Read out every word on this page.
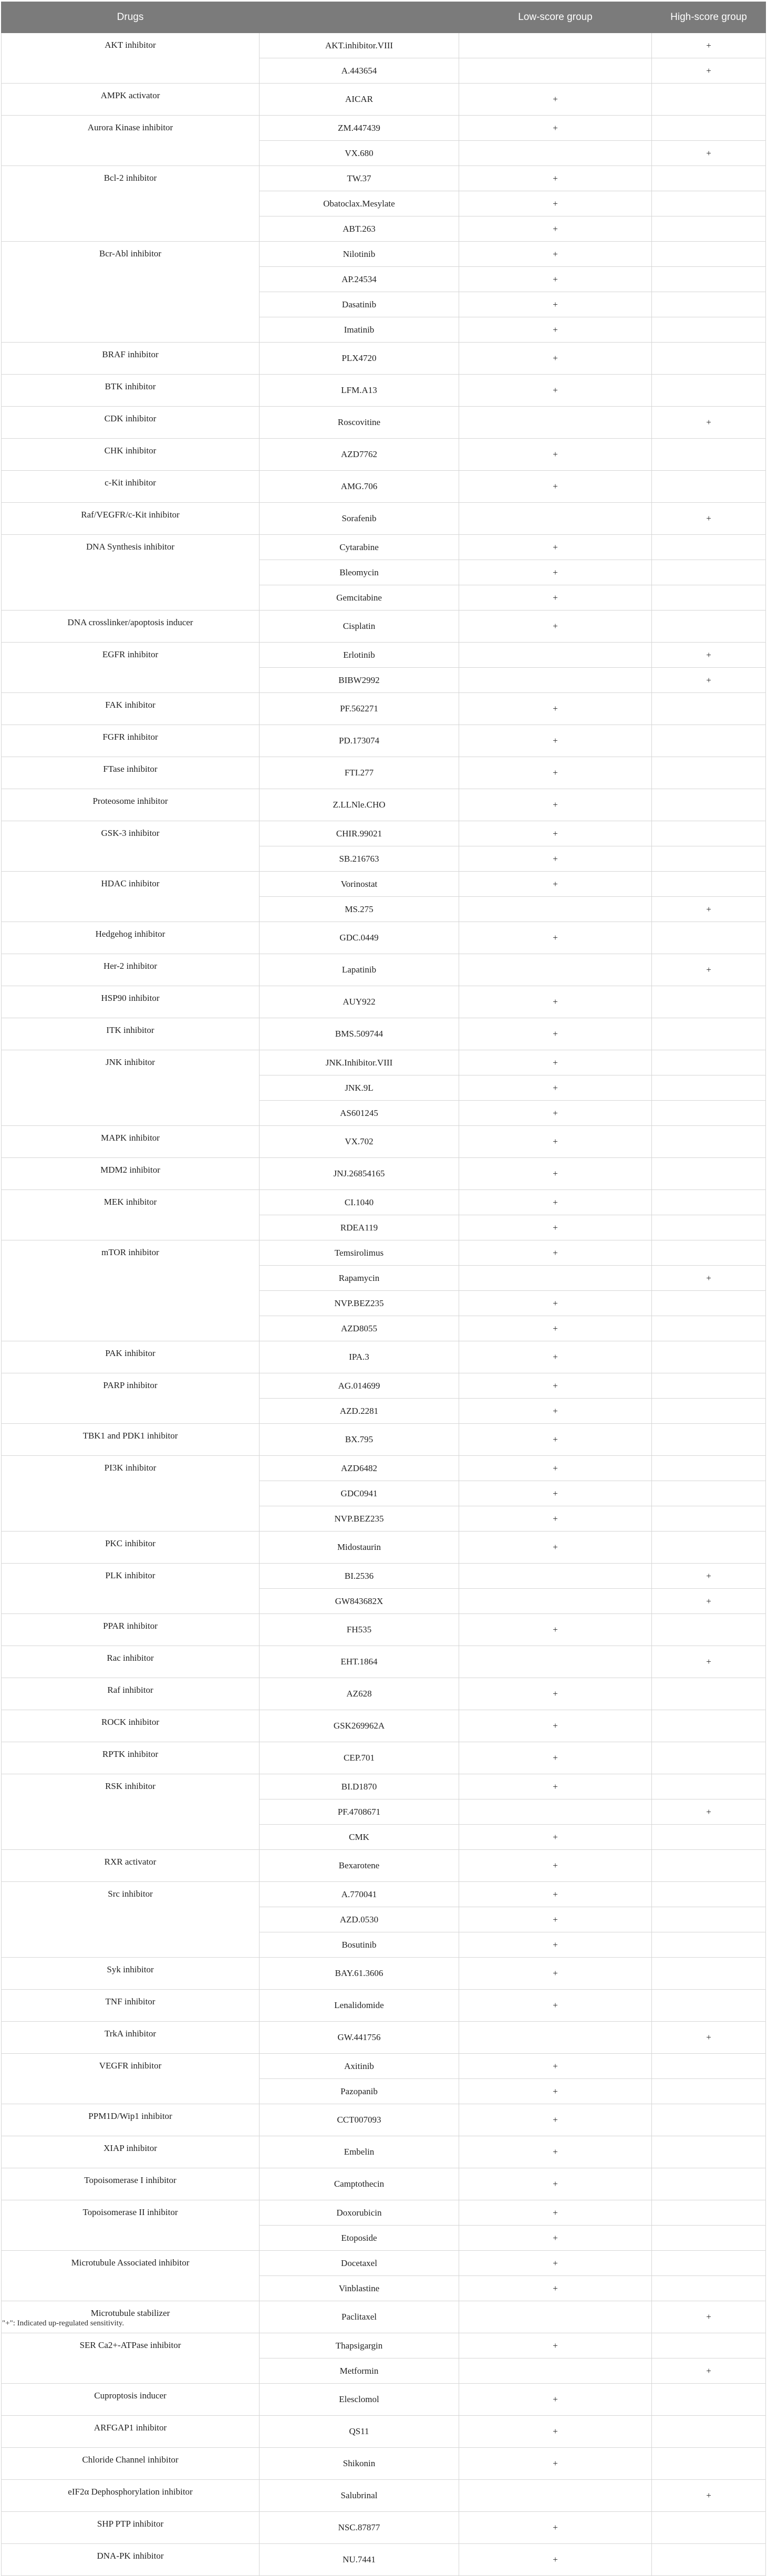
Drugs		Low-score group	High-score group
AKT inhibitor	AKT.inhibitor.VIII		+
	A.443654		+
AMPK activator	AICAR	+	
Aurora Kinase inhibitor	ZM.447439	+	
	VX.680		+
Bcl-2 inhibitor	TW.37	+	
	Obatoclax.Mesylate	+	
	ABT.263	+	
Bcr-Abl inhibitor	Nilotinib	+	
	AP.24534	+	
	Dasatinib	+	
	Imatinib	+	
BRAF inhibitor	PLX4720	+	
BTK inhibitor	LFM.A13	+	
CDK inhibitor	Roscovitine		+
CHK inhibitor	AZD7762	+	
c-Kit inhibitor	AMG.706	+	
Raf/VEGFR/c-Kit inhibitor	Sorafenib		+
DNA Synthesis inhibitor	Cytarabine	+	
	Bleomycin	+	
	Gemcitabine	+	
DNA crosslinker/apoptosis inducer	Cisplatin	+	
EGFR inhibitor	Erlotinib		+
	BIBW2992		+
FAK inhibitor	PF.562271	+	
FGFR inhibitor	PD.173074	+	
FTase inhibitor	FTI.277	+	
Proteosome inhibitor	Z.LLNle.CHO	+	
GSK-3 inhibitor	CHIR.99021	+	
	SB.216763	+	
HDAC inhibitor	Vorinostat	+	
	MS.275		+
Hedgehog inhibitor	GDC.0449	+	
Her-2 inhibitor	Lapatinib		+
HSP90 inhibitor	AUY922	+	
ITK inhibitor	BMS.509744	+	
JNK inhibitor	JNK.Inhibitor.VIII	+	
	JNK.9L	+	
	AS601245	+	
MAPK inhibitor	VX.702	+	
MDM2 inhibitor	JNJ.26854165	+	
MEK inhibitor	CI.1040	+	
	RDEA119	+	
mTOR inhibitor	Temsirolimus	+	
	Rapamycin		+
	NVP.BEZ235	+	
	AZD8055	+	
PAK inhibitor	IPA.3	+	
PARP inhibitor	AG.014699	+	
	AZD.2281	+	
TBK1 and PDK1 inhibitor	BX.795	+	
PI3K inhibitor	AZD6482	+	
	GDC0941	+	
	NVP.BEZ235	+	
PKC inhibitor	Midostaurin	+	
PLK inhibitor	BI.2536		+
	GW843682X		+
PPAR inhibitor	FH535	+	
Rac inhibitor	EHT.1864		+
Raf inhibitor	AZ628	+	
ROCK inhibitor	GSK269962A	+	
RPTK inhibitor	CEP.701	+	
RSK inhibitor	BI.D1870	+	
	PF.4708671		+
	CMK	+	
RXR activator	Bexarotene	+	
Src inhibitor	A.770041	+	
	AZD.0530	+	
	Bosutinib	+	
Syk inhibitor	BAY.61.3606	+	
TNF inhibitor	Lenalidomide	+	
TrkA inhibitor	GW.441756		+
VEGFR inhibitor	Axitinib	+	
	Pazopanib	+	
PPM1D/Wip1 inhibitor	CCT007093	+	
XIAP inhibitor	Embelin	+	
Topoisomerase I inhibitor	Camptothecin	+	
Topoisomerase II inhibitor	Doxorubicin	+	
	Etoposide	+	
Microtubule Associated inhibitor	Docetaxel	+	
	Vinblastine	+	
Microtubule stabilizer	Paclitaxel		+
SER Ca2+-ATPase inhibitor	Thapsigargin	+	
	Metformin		+
Cuproptosis inducer	Elesclomol	+	
ARFGAP1 inhibitor	QS11	+	
Chloride Channel inhibitor	Shikonin	+	
eIF2α Dephosphorylation inhibitor	Salubrinal		+
SHP PTP inhibitor	NSC.87877	+	
DNA-PK inhibitor	NU.7441	+	
"+": Indicated up-regulated sensitivity.
